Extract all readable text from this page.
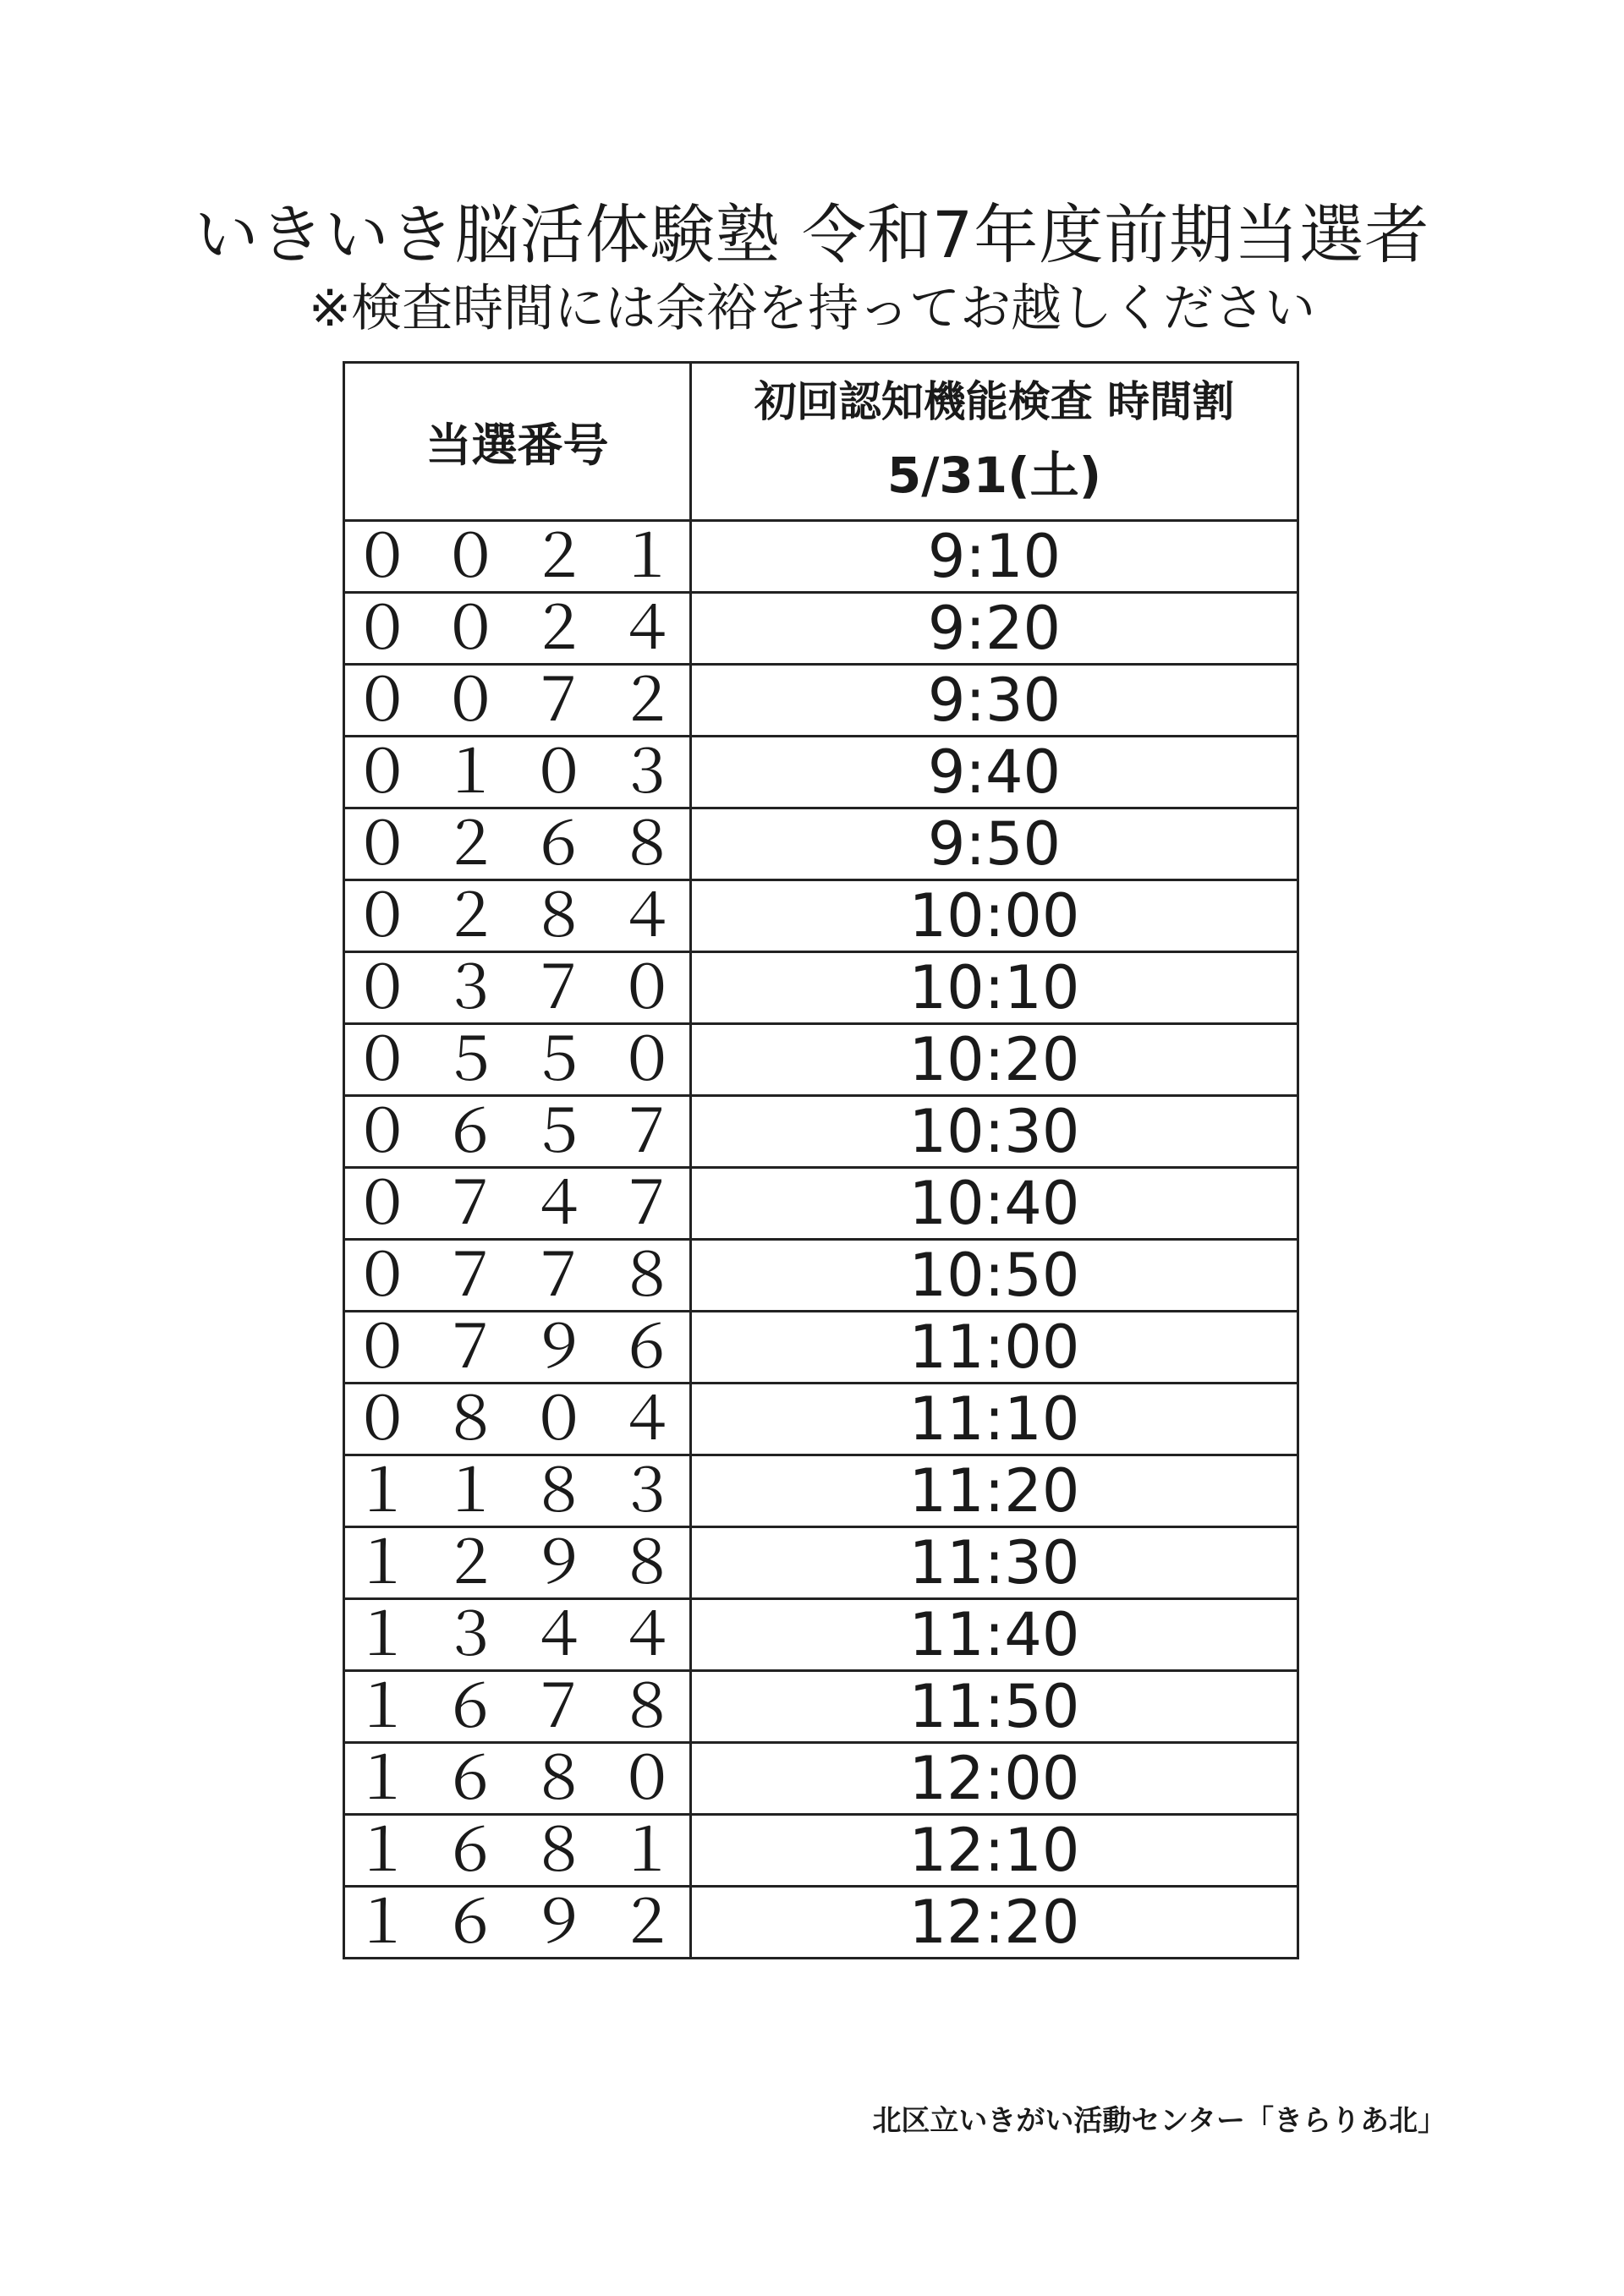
いきいき脳活体験塾 令和7年度前期当選者
※検査時間には余裕を持ってお越しください
当選番号	初回認知機能検査 時間割
5/31(土)

０ ０ ２ １	9:10
０ ０ ２ ４	9:20
０ ０ ７ ２	9:30
０ １ ０ ３	9:40
０ ２ ６ ８	9:50
０ ２ ８ ４	10:00
０ ３ ７ ０	10:10
０ ５ ５ ０	10:20
０ ６ ５ ７	10:30
０ ７ ４ ７	10:40
０ ７ ７ ８	10:50
０ ７ ９ ６	11:00
０ ８ ０ ４	11:10
１ １ ８ ３	11:20
１ ２ ９ ８	11:30
１ ３ ４ ４	11:40
１ ６ ７ ８	11:50
１ ６ ８ ０	12:00
１ ６ ８ １	12:10
１ ６ ９ ２	12:20
北区立いきがい活動センター「きらりあ北」
